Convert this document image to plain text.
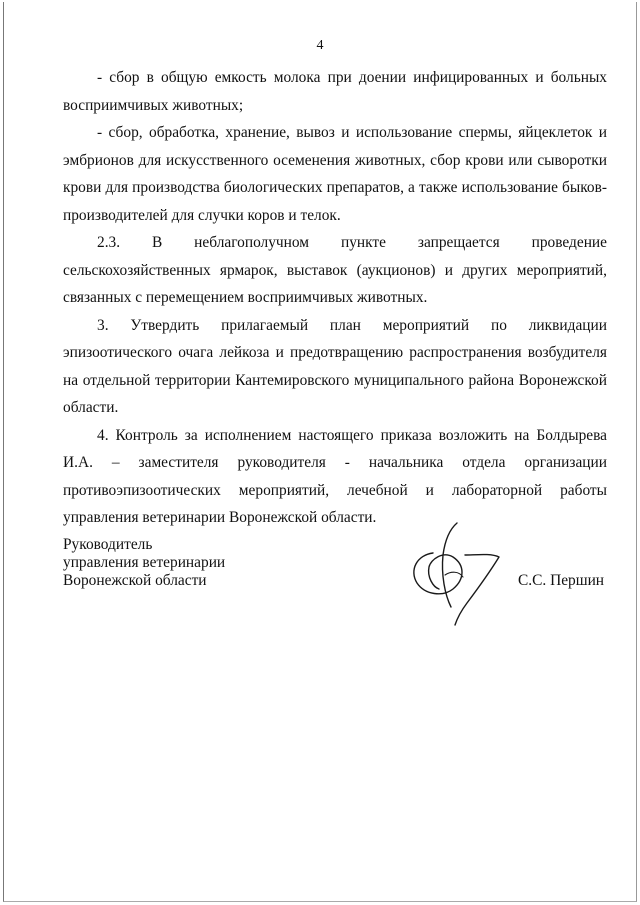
4

- сбор в общую емкость молока при доении инфицированных и больных восприимчивых животных;

- сбор, обработка, хранение, вывоз и использование спермы, яйцеклеток и эмбрионов для искусственного осеменения животных, сбор крови или сыворотки крови для производства биологических препаратов, а также использование быков-производителей для случки коров и телок.

2.3. В неблагополучном пункте запрещается проведение сельскохозяйственных ярмарок, выставок (аукционов) и других мероприятий, связанных с перемещением восприимчивых животных.

3. Утвердить прилагаемый план мероприятий по ликвидации эпизоотического очага лейкоза и предотвращению распространения возбудителя на отдельной территории Кантемировского муниципального района Воронежской области.

4. Контроль за исполнением настоящего приказа возложить на Болдырева И.А. – заместителя руководителя - начальника отдела организации противоэпизоотических мероприятий, лечебной и лабораторной работы управления ветеринарии Воронежской области.

Руководитель
управления ветеринарии
Воронежской области	С.С. Першин
